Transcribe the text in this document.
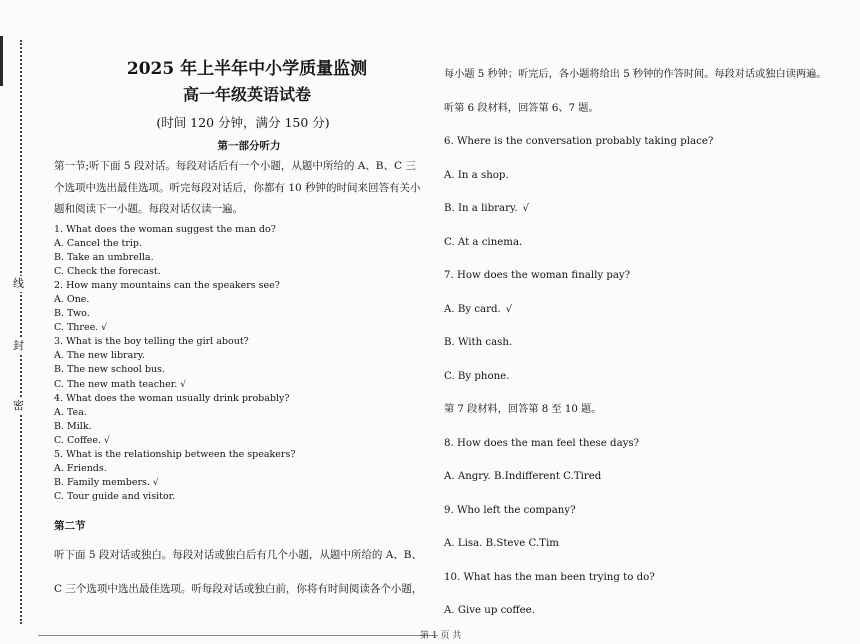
线
封
密
2025 年上半年中小学质量监测
高一年级英语试卷
(时间 120 分钟，满分 150 分)
第一部分听力
第一节;听下面 5 段对话。每段对话后有一个小题，从题中所给的 A、B、C 三个选项中选出最佳选项。听完每段对话后，你都有 10 秒钟的时间来回答有关小题和阅读下一小题。每段对话仅读一遍。
1. What does the woman suggest the man do?
A. Cancel the trip.
B. Take an umbrella.
C. Check the forecast.
2. How many mountains can the speakers see?
A. One.
B. Two.
C. Three. √
3. What is the boy telling the girl about?
A. The new library.
B. The new school bus.
C. The new math teacher. √
4. What does the woman usually drink probably?
A. Tea.
B. Milk.
C. Coffee. √
5. What is the relationship between the speakers?
A. Friends.
B. Family members. √
C. Tour guide and visitor.
第二节
听下面 5 段对话或独白。每段对话或独白后有几个小题，从题中所给的 A、B、C 三个选项中选出最佳选项。听每段对话或独白前，你将有时间阅读各个小题，
每小题 5 秒钟；听完后，各小题将给出 5 秒钟的作答时间。每段对话或独白读两遍。
听第 6 段材料，回答第 6、7 题。
6. Where is the conversation probably taking place?
A. In a shop.
B. In a library. √
C. At a cinema.
7. How does the woman finally pay?
A. By card. √
B. With cash.
C. By phone.
第 7 段材料，回答第 8 至 10 题。
8. How does the man feel these days?
A. Angry. B.Indifferent C.Tired
9. Who left the company?
A. Lisa. B.Steve C.Tim
10. What has the man been trying to do?
A. Give up coffee.
第 1 页 共
